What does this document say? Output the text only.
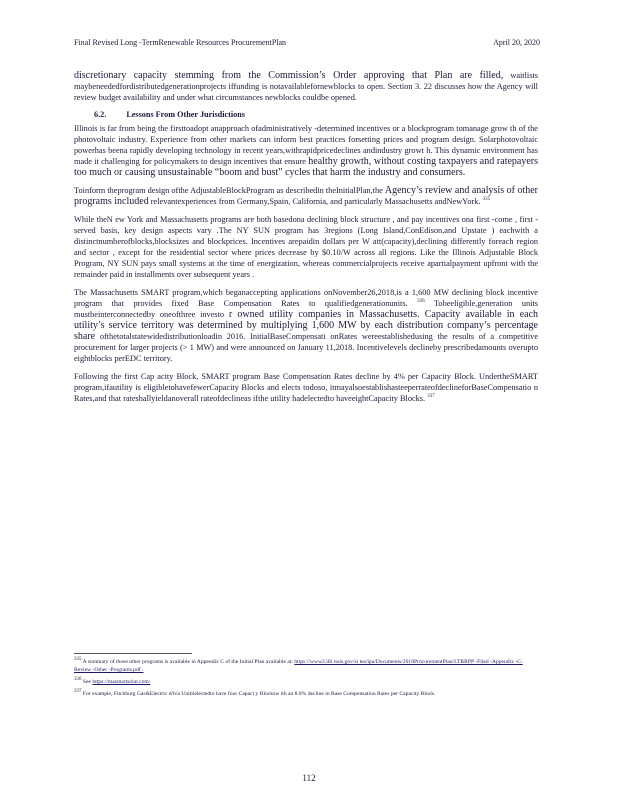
Final Revised Long -TermRenewable Resources ProcurementPlan	April 20, 2020

discretionary capacity stemming from the Commission’s Order approving that Plan are filled, waitlists maybeneededfordistributedgenerationprojects iffunding is notavailablefornewblocks to open. Section 3. 22 discusses how the Agency will review budget availability and under what circumstances newblocks couldbe opened.

6.2. Lessons From Other Jurisdictions

Illinois is far from being the firsttoadopt anapproach ofadministratively -determined incentives or a blockprogram tomanage grow th of the photovoltaic industry. Experience from other markets can inform best practices forsetting prices and program design. Solarphotovoltaic powerhas beena rapidly developing technology in recent years,withrapidpricedeclines andindustry growt h. This dynamic environment has made it challenging for policymakers to design incentives that ensure healthy growth, without costing taxpayers and ratepayers too much or causing unsustainable “boom and bust” cycles that harm the industry and consumers.

Toinform theprogram design ofthe AdjustableBlockProgram as describedin theInitialPlan,the Agency’s review and analysis of other programs included relevantexperiences from Germany,Spain, California, and particularly Massachusetts andNewYork. $^{335}$

While theN ew York and Massachusetts programs are both basedona declining block structure , and pay incentives ona first -come , first -served basis, key design aspects vary .The NY SUN program has 3regions (Long Island,ConEdison,and Upstate ) eachwith a distinctnumberofblocks,blocksizes and blockprices. Incentives arepaidin dollars per W att(capacity),declining differently foreach region and sector , except for the residential sector where prices decrease by $0.10/W across all regions. Like the Illinois Adjustable Block Program, NY SUN pays small systems at the time of energization, whereas commercialprojects receive apartialpayment upfront with the remainder paid in installments over subsequent years .

The Massachusetts SMART program,which beganaccepting applications onNovember26,2018,is a 1,600 MW declining block incentive program that provides fixed Base Compensation Rates to qualifiedgenerationunits. $^{336}$ Tobeeligible,generation units mustbeinterconnectedby oneofthree investo r owned utility companies in Massachusetts. Capacity available in each utility’s service territory was determined by multiplying 1,600 MW by each distribution company’s percentage share ofthetotalstatewidedistributionloadin 2016. InitialBaseCompensati onRates wereestablishedusing the results of a competitive procurement for larger projects (> 1 MW) and were announced on January 11,2018. Incentivelevels declineby prescribedamounts overupto eightblocks perEDC territory.

Following the first Cap acity Block, SMART program Base Compensation Rates decline by 4% per Capacity Block. UndertheSMART program,ifautility is eligibletohavefewerCapacity Blocks and elects todoso, itmayalsoestablishasteeperrateofdeclineforBaseCompensatio n Rates,and that rateshallyieldanoverall rateofdeclineas ifthe utility hadelectedto haveeightCapacity Blocks. $^{337}$

$^{335}$ A summary of those other programs is available in Appendix C of the Initial Plan available at: https://www2.illi nois.gov/si tes/ipa/Documents/2018ProcurementPlan/LTRRPP -Filed -Appendix -C-Review -Other -Programs.pdf .
$^{336}$ See https://masmartsolar.com/
$^{337}$ For example, Fitchburg Gas&Electric d/b/a Unitilelectedto have four Capaci y Blocksw ith an 8.8% decline in Base Compensation Rates per Capacity Block.
112
